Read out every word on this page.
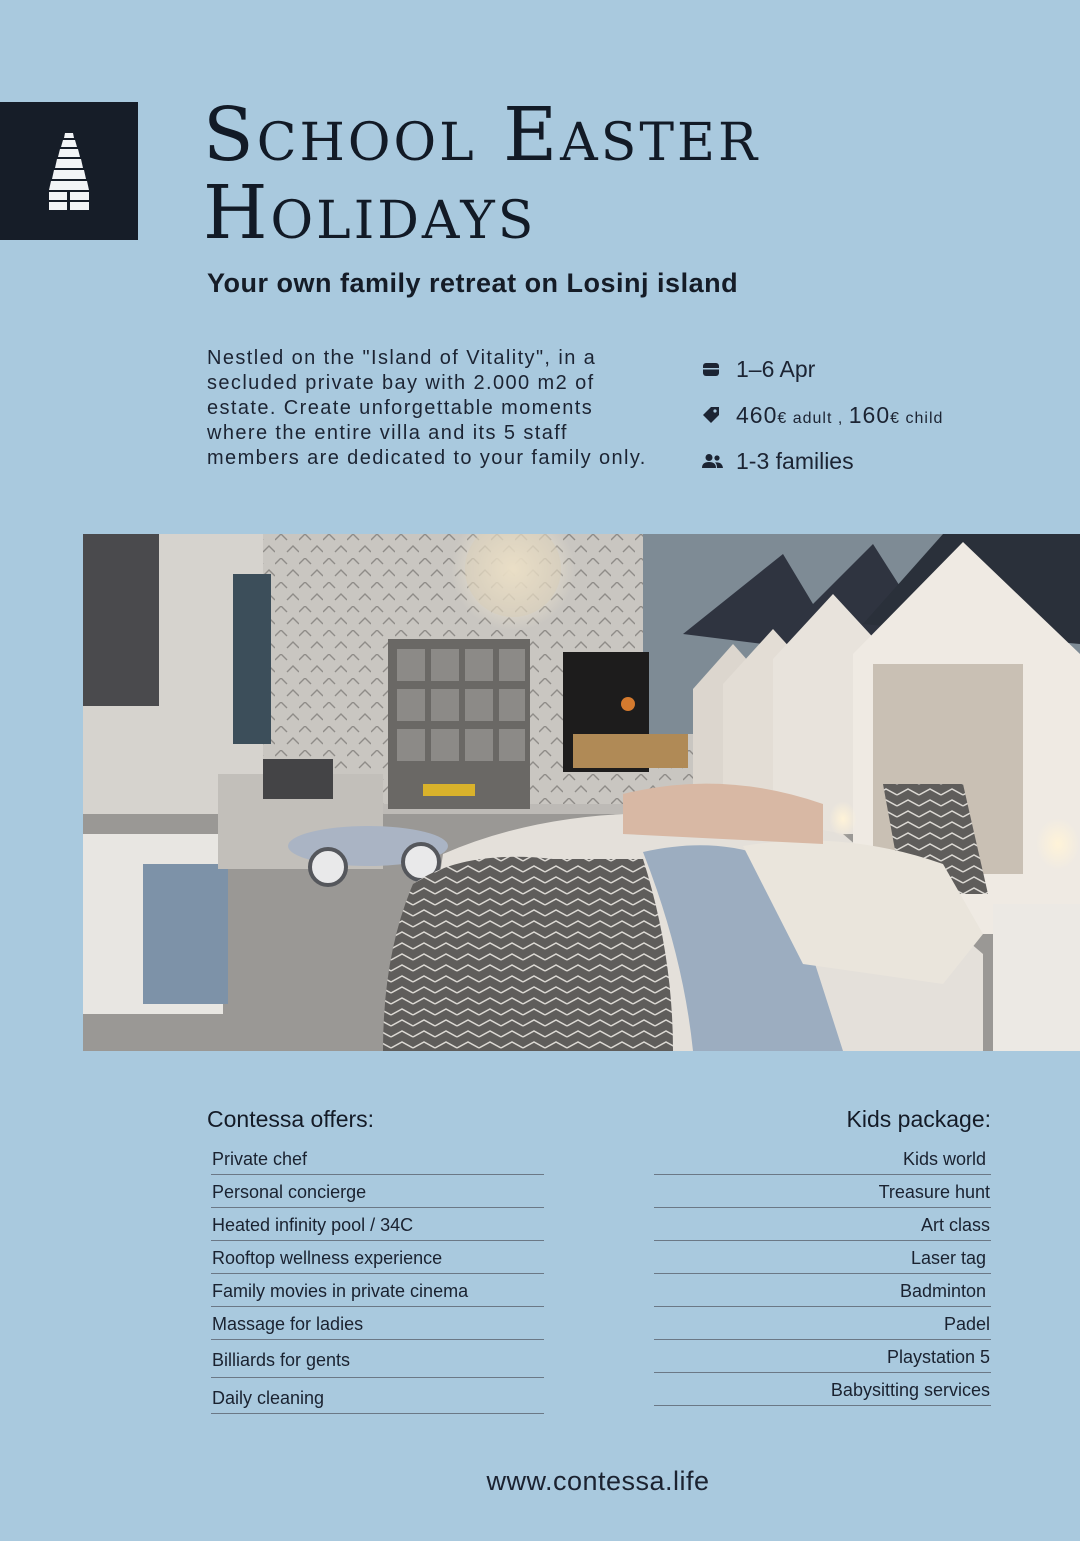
School Easter
Holidays
Your own family retreat on Losinj island

Nestled on the "Island of Vitality", in a secluded private bay with 2.000 m2 of estate. Create unforgettable moments where the entire villa and its 5 staff members are dedicated to your family only.

1–6 Apr
460€ adult , 160€ child
1-3 families
Contessa offers:
Private chef
Personal concierge
Heated infinity pool / 34C
Rooftop wellness experience
Family movies in private cinema
Massage for ladies
Billiards for gents
Daily cleaning
Kids package:
Kids world
Treasure hunt
Art class
Laser tag
Badminton
Padel
Playstation 5
Babysitting services
www.contessa.life
